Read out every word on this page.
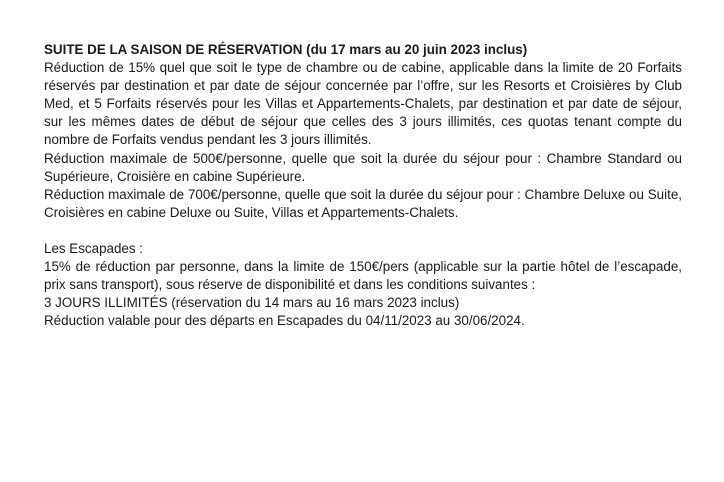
SUITE DE LA SAISON DE RÉSERVATION (du 17 mars au 20 juin 2023 inclus)

Réduction de 15% quel que soit le type de chambre ou de cabine, applicable dans la limite de 20 Forfaits réservés par destination et par date de séjour concernée par l’offre, sur les Resorts et Croisières by Club Med, et 5 Forfaits réservés pour les Villas et Appartements-Chalets, par destination et par date de séjour, sur les mêmes dates de début de séjour que celles des 3 jours illimités, ces quotas tenant compte du nombre de Forfaits vendus pendant les 3 jours illimités.

Réduction maximale de 500€/personne, quelle que soit la durée du séjour pour : Chambre Standard ou Supérieure, Croisière en cabine Supérieure.

Réduction maximale de 700€/personne, quelle que soit la durée du séjour pour : Chambre Deluxe ou Suite, Croisières en cabine Deluxe ou Suite, Villas et Appartements-Chalets.

Les Escapades :

15% de réduction par personne, dans la limite de 150€/pers (applicable sur la partie hôtel de l’escapade, prix sans transport), sous réserve de disponibilité et dans les conditions suivantes :

3 JOURS ILLIMITÉS (réservation du 14 mars au 16 mars 2023 inclus)

Réduction valable pour des départs en Escapades du 04/11/2023 au 30/06/2024.
